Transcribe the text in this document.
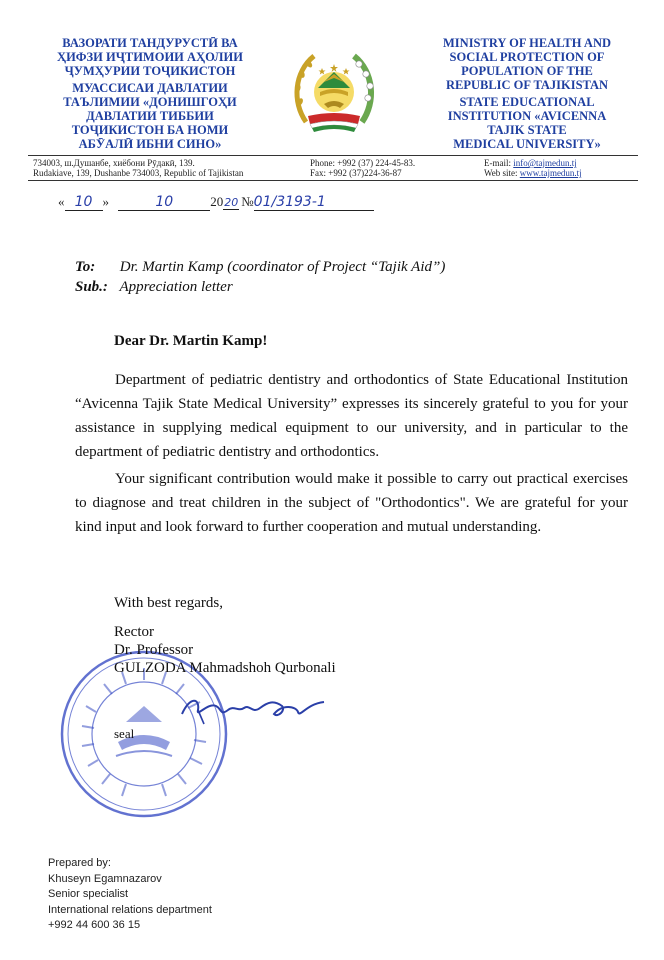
ВАЗОРАТИ ТАНДУРУСТӢ ВА
ҲИФЗИ ИҶТИМОИИ АҲОЛИИ
ҶУМҲУРИИ ТОҶИКИСТОН
МУАССИСАИ ДАВЛАТИИ
ТАЪЛИМИИ «ДОНИШГОҲИ
ДАВЛАТИИ ТИББИИ
ТОҶИКИСТОН БА НОМИ
АБӮАЛӢ ИБНИ СИНО»
MINISTRY OF HEALTH AND
SOCIAL PROTECTION OF
POPULATION OF THE
REPUBLIC OF TAJIKISTAN
STATE EDUCATIONAL
INSTITUTION «AVICENNA
TAJIK STATE
MEDICAL UNIVERSITY»
734003, ш.Душанбе, хиёбони Рӯдакӣ, 139.
Rudakiave, 139, Dushanbe 734003, Republic of Tajikistan
Phone: +992 (37) 224-45-83.
Fax: +992 (37)224-36-87
E-mail: info@tajmedun.tj
Web site: www.tajmedun.tj
« 10 »	10	2020 №01/3193-1
To: Dr. Martin Kamp (coordinator of Project “Tajik Aid”)
Sub.: Appreciation letter
Dear Dr. Martin Kamp!

Department of pediatric dentistry and orthodontics of State Educational Institution “Avicenna Tajik State Medical University” expresses its sincerely grateful to you for your assistance in supplying medical equipment to our university, and in particular to the department of pediatric dentistry and orthodontics.

Your significant contribution would make it possible to carry out practical exercises to diagnose and treat children in the subject of "Orthodontics". We are grateful for your kind input and look forward to further cooperation and mutual understanding.

With best regards,
Rector
Dr. Professor
GULZODA Mahmadshoh Qurbonali
seal
Prepared by:
Khuseyn Egamnazarov
Senior specialist
International relations department
+992 44 600 36 15
